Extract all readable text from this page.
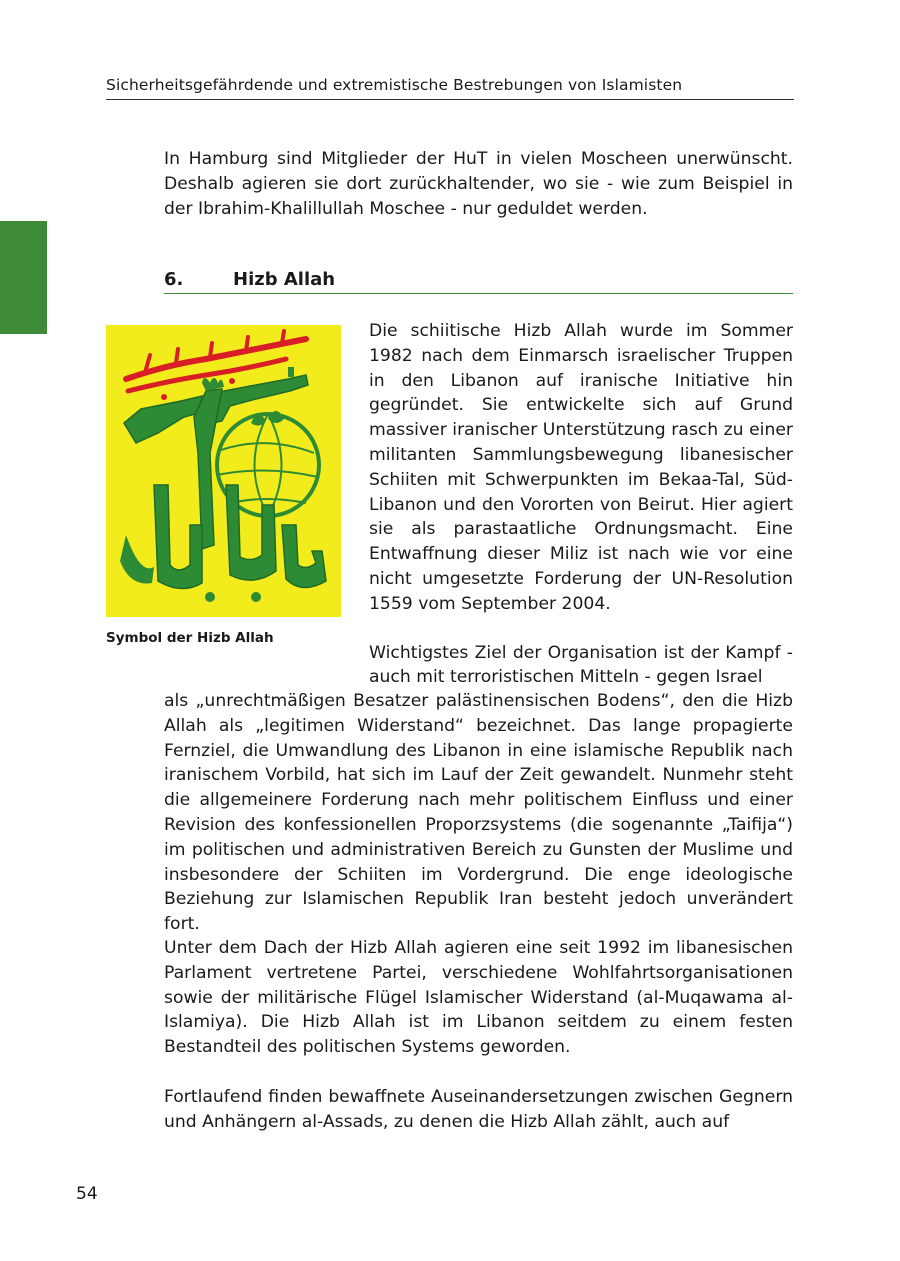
Sicherheitsgefährdende und extremistische Bestrebungen von Islamisten

In Hamburg sind Mitglieder der HuT in vielen Moscheen unerwünscht. Deshalb agieren sie dort zurückhaltender, wo sie - wie zum Beispiel in der Ibrahim-Khalillullah Moschee - nur geduldet werden.

6.	Hizb Allah
Symbol der Hizb Allah

Die schiitische Hizb Allah wurde im Sommer 1982 nach dem Einmarsch israelischer Truppen in den Libanon auf iranische Initiative hin gegründet. Sie entwickelte sich auf Grund massiver iranischer Unterstützung rasch zu einer militanten Sammlungsbewegung libanesischer Schiiten mit Schwerpunkten im Bekaa-Tal, Süd-Libanon und den Vororten von Beirut. Hier agiert sie als parastaatliche Ordnungsmacht. Eine Entwaffnung dieser Miliz ist nach wie vor eine nicht umgesetzte Forderung der UN-Resolution 1559 vom September 2004.

Wichtigstes Ziel der Organisation ist der Kampf - auch mit terroristischen Mitteln - gegen Israel

als „unrechtmäßigen Besatzer palästinensischen Bodens“, den die Hizb Allah als „legitimen Widerstand“ bezeichnet. Das lange propagierte Fernziel, die Umwandlung des Libanon in eine islamische Republik nach iranischem Vorbild, hat sich im Lauf der Zeit gewandelt. Nunmehr steht die allgemeinere Forderung nach mehr politischem Einfluss und einer Revision des konfessionellen Proporzsystems (die sogenannte „Taifija“) im politischen und administrativen Bereich zu Gunsten der Muslime und insbesondere der Schiiten im Vordergrund. Die enge ideologische Beziehung zur Islamischen Republik Iran besteht jedoch unverändert fort.

Unter dem Dach der Hizb Allah agieren eine seit 1992 im libanesischen Parlament vertretene Partei, verschiedene Wohlfahrtsorganisationen sowie der militärische Flügel Islamischer Widerstand (al-Muqawama al-Islamiya). Die Hizb Allah ist im Libanon seitdem zu einem festen Bestandteil des politischen Systems geworden.

Fortlaufend finden bewaffnete Auseinandersetzungen zwischen Gegnern und Anhängern al-Assads, zu denen die Hizb Allah zählt, auch auf

54
